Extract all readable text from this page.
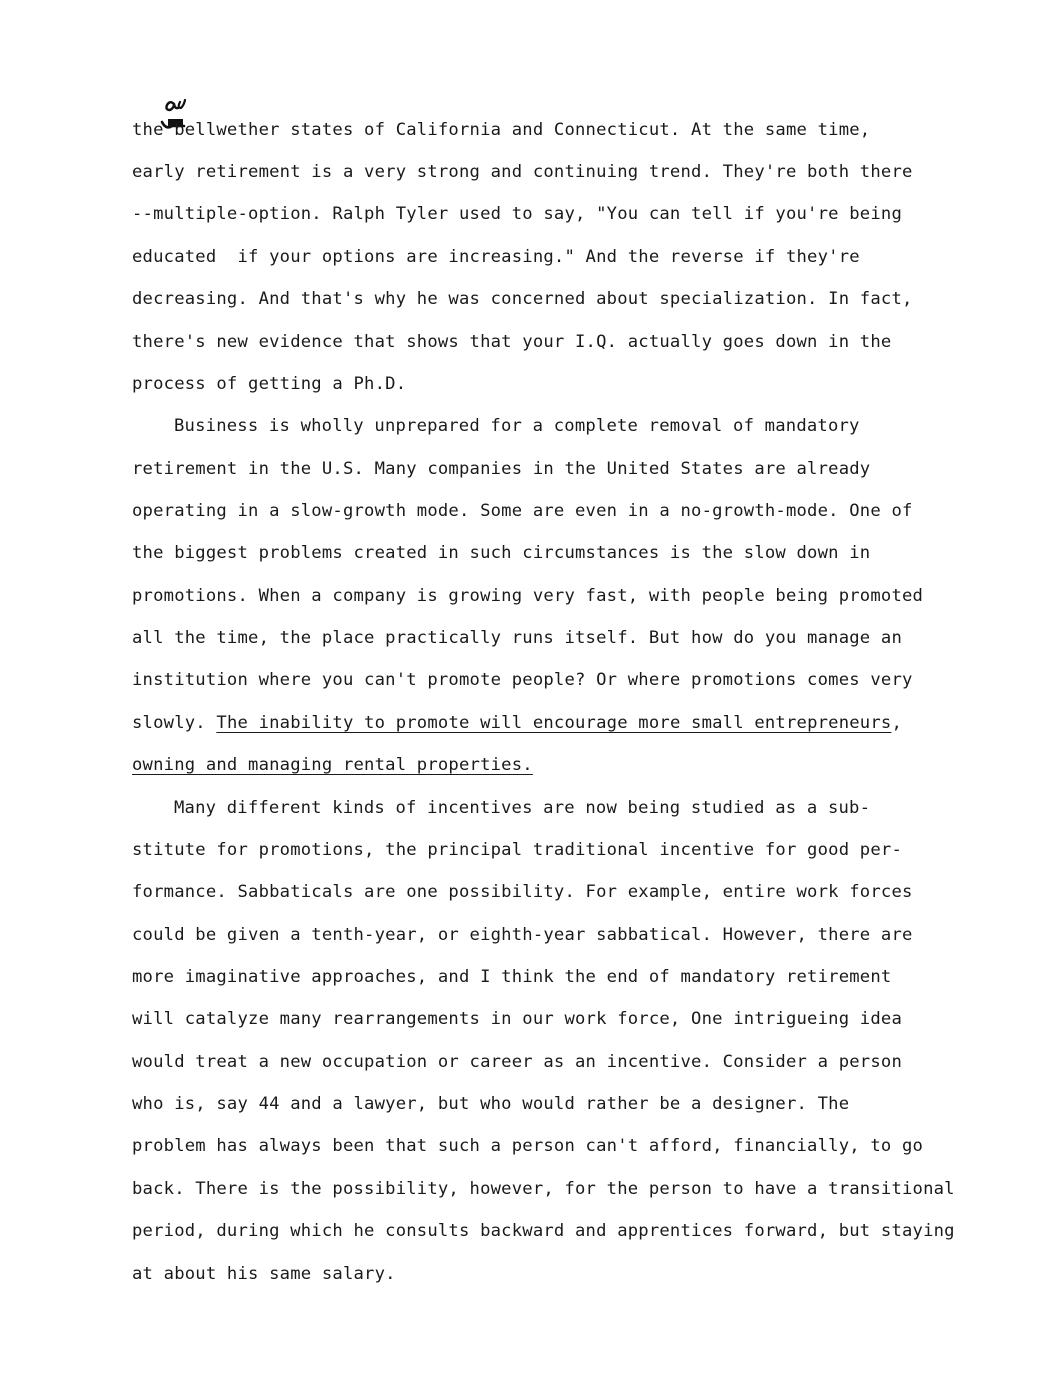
the bellwether states of California and Connecticut. At the same time,
early retirement is a very strong and continuing trend. They're both there
--multiple-option. Ralph Tyler used to say, "You can tell if you're being
educated  if your options are increasing." And the reverse if they're
decreasing. And that's why he was concerned about specialization. In fact,
there's new evidence that shows that your I.Q. actually goes down in the
process of getting a Ph.D.
Business is wholly unprepared for a complete removal of mandatory
retirement in the U.S. Many companies in the United States are already
operating in a slow-growth mode. Some are even in a no-growth-mode. One of
the biggest problems created in such circumstances is the slow down in
promotions. When a company is growing very fast, with people being promoted
all the time, the place practically runs itself. But how do you manage an
institution where you can't promote people? Or where promotions comes very
slowly. The inability to promote will encourage more small entrepreneurs,
owning and managing rental properties.
Many different kinds of incentives are now being studied as a sub-
stitute for promotions, the principal traditional incentive for good per-
formance. Sabbaticals are one possibility. For example, entire work forces
could be given a tenth-year, or eighth-year sabbatical. However, there are
more imaginative approaches, and I think the end of mandatory retirement
will catalyze many rearrangements in our work force, One intrigueing idea
would treat a new occupation or career as an incentive. Consider a person
who is, say 44 and a lawyer, but who would rather be a designer. The
problem has always been that such a person can't afford, financially, to go
back. There is the possibility, however, for the person to have a transitional
period, during which he consults backward and apprentices forward, but staying
at about his same salary.
